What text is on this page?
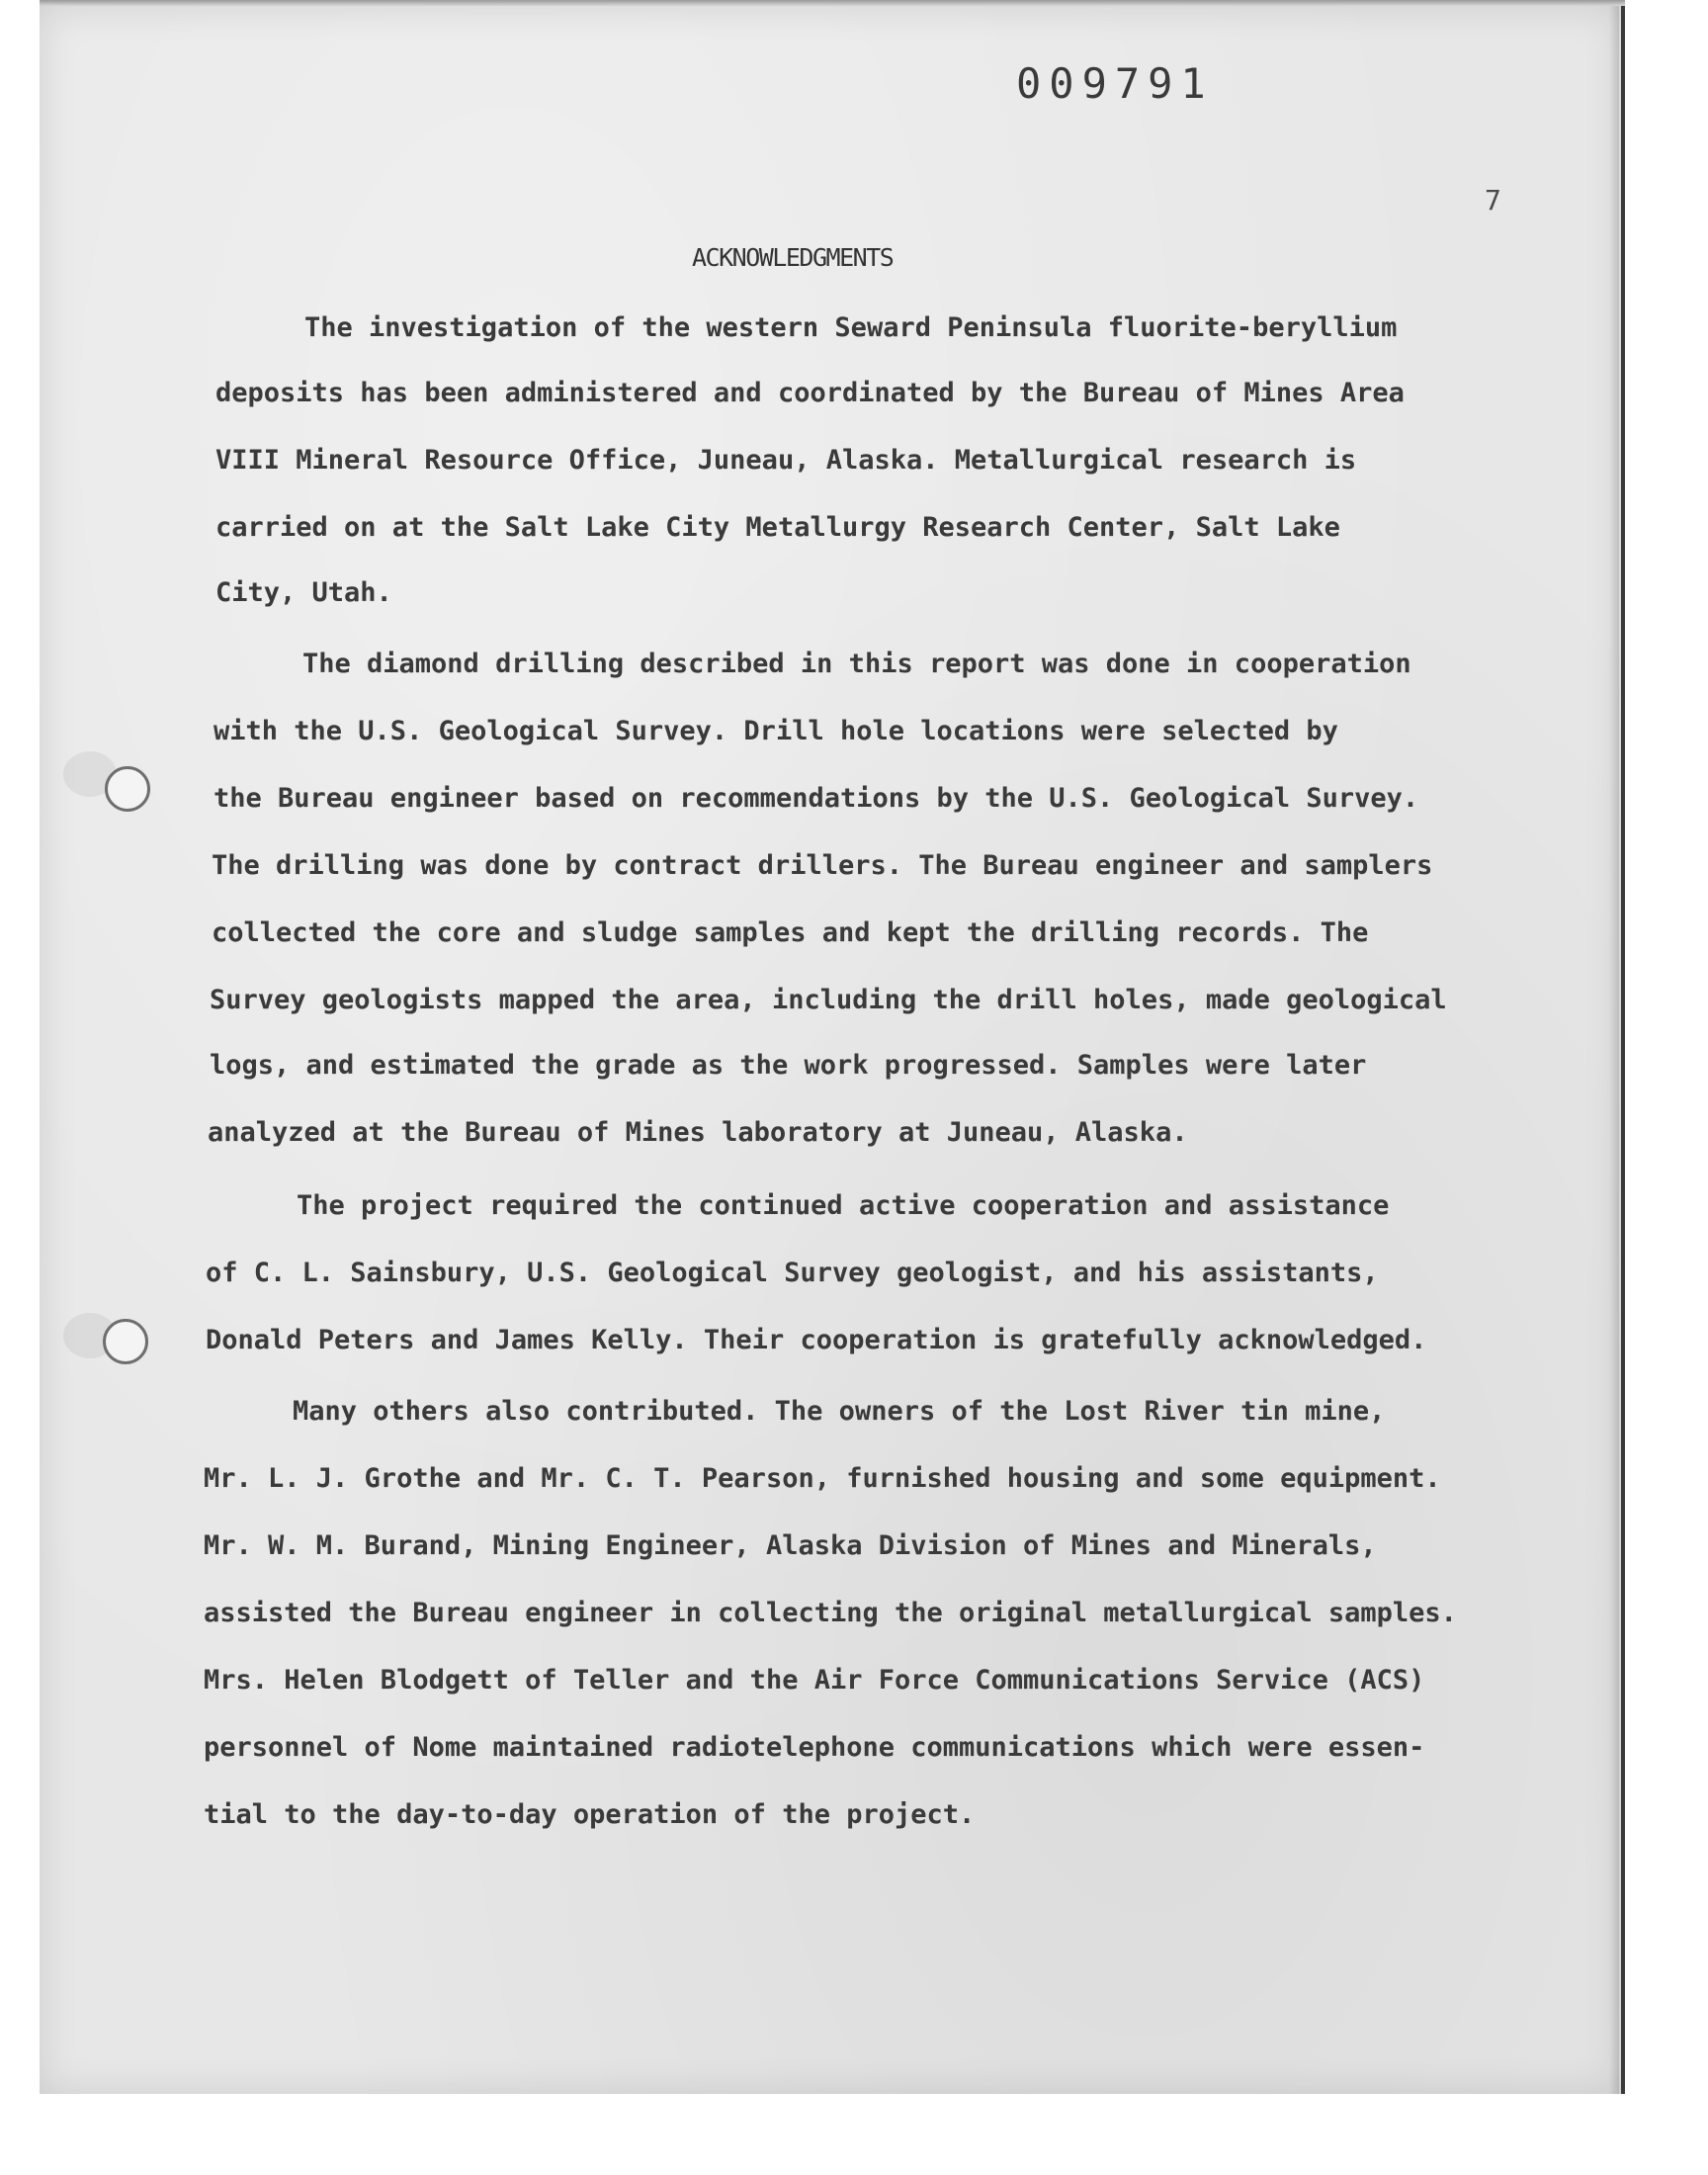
009791
7
ACKNOWLEDGMENTS
The investigation of the western Seward Peninsula fluorite-beryllium
deposits has been administered and coordinated by the Bureau of Mines Area
VIII Mineral Resource Office, Juneau, Alaska. Metallurgical research is
carried on at the Salt Lake City Metallurgy Research Center, Salt Lake
City, Utah.
The diamond drilling described in this report was done in cooperation
with the U.S. Geological Survey. Drill hole locations were selected by
the Bureau engineer based on recommendations by the U.S. Geological Survey.
The drilling was done by contract drillers. The Bureau engineer and samplers
collected the core and sludge samples and kept the drilling records. The
Survey geologists mapped the area, including the drill holes, made geological
logs, and estimated the grade as the work progressed. Samples were later
analyzed at the Bureau of Mines laboratory at Juneau, Alaska.
The project required the continued active cooperation and assistance
of C. L. Sainsbury, U.S. Geological Survey geologist, and his assistants,
Donald Peters and James Kelly. Their cooperation is gratefully acknowledged.
Many others also contributed. The owners of the Lost River tin mine,
Mr. L. J. Grothe and Mr. C. T. Pearson, furnished housing and some equipment.
Mr. W. M. Burand, Mining Engineer, Alaska Division of Mines and Minerals,
assisted the Bureau engineer in collecting the original metallurgical samples.
Mrs. Helen Blodgett of Teller and the Air Force Communications Service (ACS)
personnel of Nome maintained radiotelephone communications which were essen-
tial to the day-to-day operation of the project.
